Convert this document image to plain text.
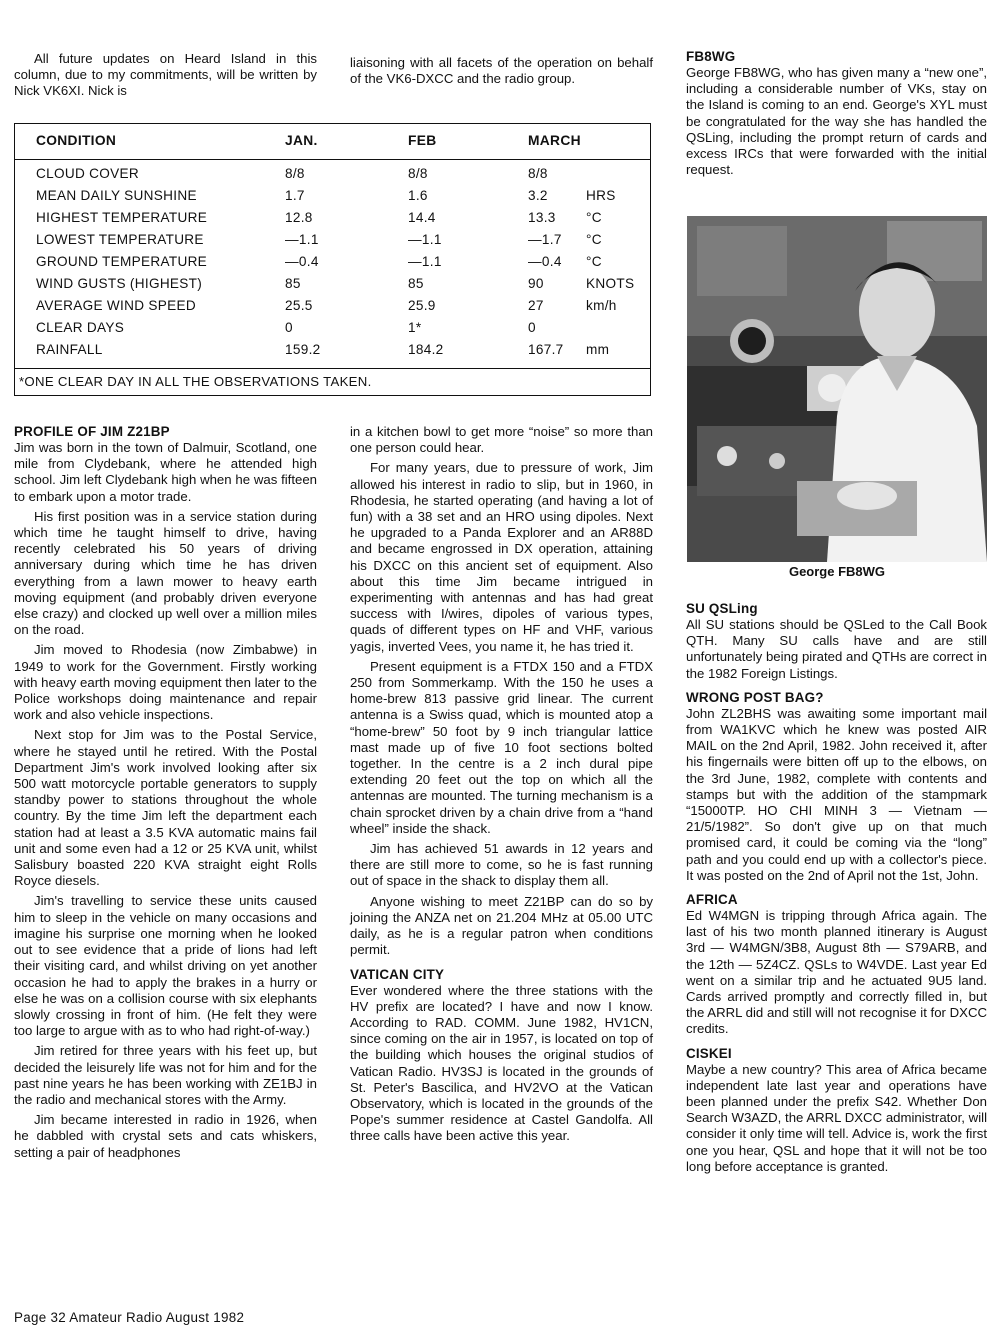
All future updates on Heard Island in this column, due to my commitments, will be written by Nick VK6XI. Nick is

liaisoning with all facets of the operation on behalf of the VK6-DXCC and the radio group.

CONDITION	JAN.	FEB	MARCH
CLOUD COVER	8/8	8/8	8/8
MEAN DAILY SUNSHINE	1.7	1.6	3.2	HRS
HIGHEST TEMPERATURE	12.8	14.4	13.3 °C
LOWEST TEMPERATURE	—1.1	—1.1	—1.7 °C
GROUND TEMPERATURE	—0.4	—1.1	—0.4 °C
WIND GUSTS (HIGHEST)	85	85	90	KNOTS
AVERAGE WIND SPEED	25.5	25.9	27	km/h
CLEAR DAYS	0	1*	0
RAINFALL	159.2	184.2	167.7 mm
*ONE CLEAR DAY IN ALL THE OBSERVATIONS TAKEN.
PROFILE OF JIM Z21BP

Jim was born in the town of Dalmuir, Scotland, one mile from Clydebank, where he attended high school. Jim left Clydebank high when he was fifteen to embark upon a motor trade.

His first position was in a service station during which time he taught himself to drive, having recently celebrated his 50 years of driving anniversary during which time he has driven everything from a lawn mower to heavy earth moving equipment (and probably driven everyone else crazy) and clocked up well over a million miles on the road.

Jim moved to Rhodesia (now Zimbabwe) in 1949 to work for the Government. Firstly working with heavy earth moving equipment then later to the Police workshops doing maintenance and repair work and also vehicle inspections.

Next stop for Jim was to the Postal Service, where he stayed until he retired. With the Postal Department Jim's work involved looking after six 500 watt motorcycle portable generators to supply standby power to stations throughout the whole country. By the time Jim left the department each station had at least a 3.5 KVA automatic mains fail unit and some even had a 12 or 25 KVA unit, whilst Salisbury boasted 220 KVA straight eight Rolls Royce diesels.

Jim's travelling to service these units caused him to sleep in the vehicle on many occasions and imagine his surprise one morning when he looked out to see evidence that a pride of lions had left their visiting card, and whilst driving on yet another occasion he had to apply the brakes in a hurry or else he was on a collision course with six elephants slowly crossing in front of him. (He felt they were too large to argue with as to who had right-of-way.)

Jim retired for three years with his feet up, but decided the leisurely life was not for him and for the past nine years he has been working with ZE1BJ in the radio and mechanical stores with the Army.

Jim became interested in radio in 1926, when he dabbled with crystal sets and cats whiskers, setting a pair of headphones

in a kitchen bowl to get more “noise” so more than one person could hear.

For many years, due to pressure of work, Jim allowed his interest in radio to slip, but in 1960, in Rhodesia, he started operating (and having a lot of fun) with a 38 set and an HRO using dipoles. Next he upgraded to a Panda Explorer and an AR88D and became engrossed in DX operation, attaining his DXCC on this ancient set of equipment. Also about this time Jim became intrigued in experimenting with antennas and has had great success with I/wires, dipoles of various types, quads of different types on HF and VHF, various yagis, inverted Vees, you name it, he has tried it.

Present equipment is a FTDX 150 and a FTDX 250 from Sommerkamp. With the 150 he uses a home-brew 813 passive grid linear. The current antenna is a Swiss quad, which is mounted atop a “home-brew” 50 foot by 9 inch triangular lattice mast made up of five 10 foot sections bolted together. In the centre is a 2 inch dural pipe extending 20 feet out the top on which all the antennas are mounted. The turning mechanism is a chain sprocket driven by a chain drive from a “hand wheel” inside the shack.

Jim has achieved 51 awards in 12 years and there are still more to come, so he is fast running out of space in the shack to display them all.

Anyone wishing to meet Z21BP can do so by joining the ANZA net on 21.204 MHz at 05.00 UTC daily, as he is a regular patron when conditions permit.

VATICAN CITY

Ever wondered where the three stations with the HV prefix are located? I have and now I know. According to RAD. COMM. June 1982, HV1CN, since coming on the air in 1957, is located on top of the building which houses the original studios of Vatican Radio. HV3SJ is located in the grounds of St. Peter's Bascilica, and HV2VO at the Vatican Observatory, which is located in the grounds of the Pope's summer residence at Castel Gandolfa. All three calls have been active this year.

FB8WG

George FB8WG, who has given many a “new one”, including a considerable number of VKs, stay on the Island is coming to an end. George's XYL must be congratulated for the way she has handled the QSLing, including the prompt return of cards and excess IRCs that were forwarded with the initial request.

George FB8WG
SU QSLing

All SU stations should be QSLed to the Call Book QTH. Many SU calls have and are still unfortunately being pirated and QTHs are correct in the 1982 Foreign Listings.

WRONG POST BAG?

John ZL2BHS was awaiting some important mail from WA1KVC which he knew was posted AIR MAIL on the 2nd April, 1982. John received it, after his fingernails were bitten off up to the elbows, on the 3rd June, 1982, complete with contents and stamps but with the addition of the stampmark “15000TP. HO CHI MINH 3 — Vietnam — 21/5/1982”. So don't give up on that much promised card, it could be coming via the “long” path and you could end up with a collector's piece. It was posted on the 2nd of April not the 1st, John.

AFRICA

Ed W4MGN is tripping through Africa again. The last of his two month planned itinerary is August 3rd — W4MGN/3B8, August 8th — S79ARB, and the 12th — 5Z4CZ. QSLs to W4VDE. Last year Ed went on a similar trip and he actuated 9U5 land. Cards arrived promptly and correctly filled in, but the ARRL did and still will not recognise it for DXCC credits.

CISKEI

Maybe a new country? This area of Africa became independent late last year and operations have been planned under the prefix S42. Whether Don Search W3AZD, the ARRL DXCC administrator, will consider it only time will tell. Advice is, work the first one you hear, QSL and hope that it will not be too long before acceptance is granted.

Page 32 Amateur Radio August 1982
